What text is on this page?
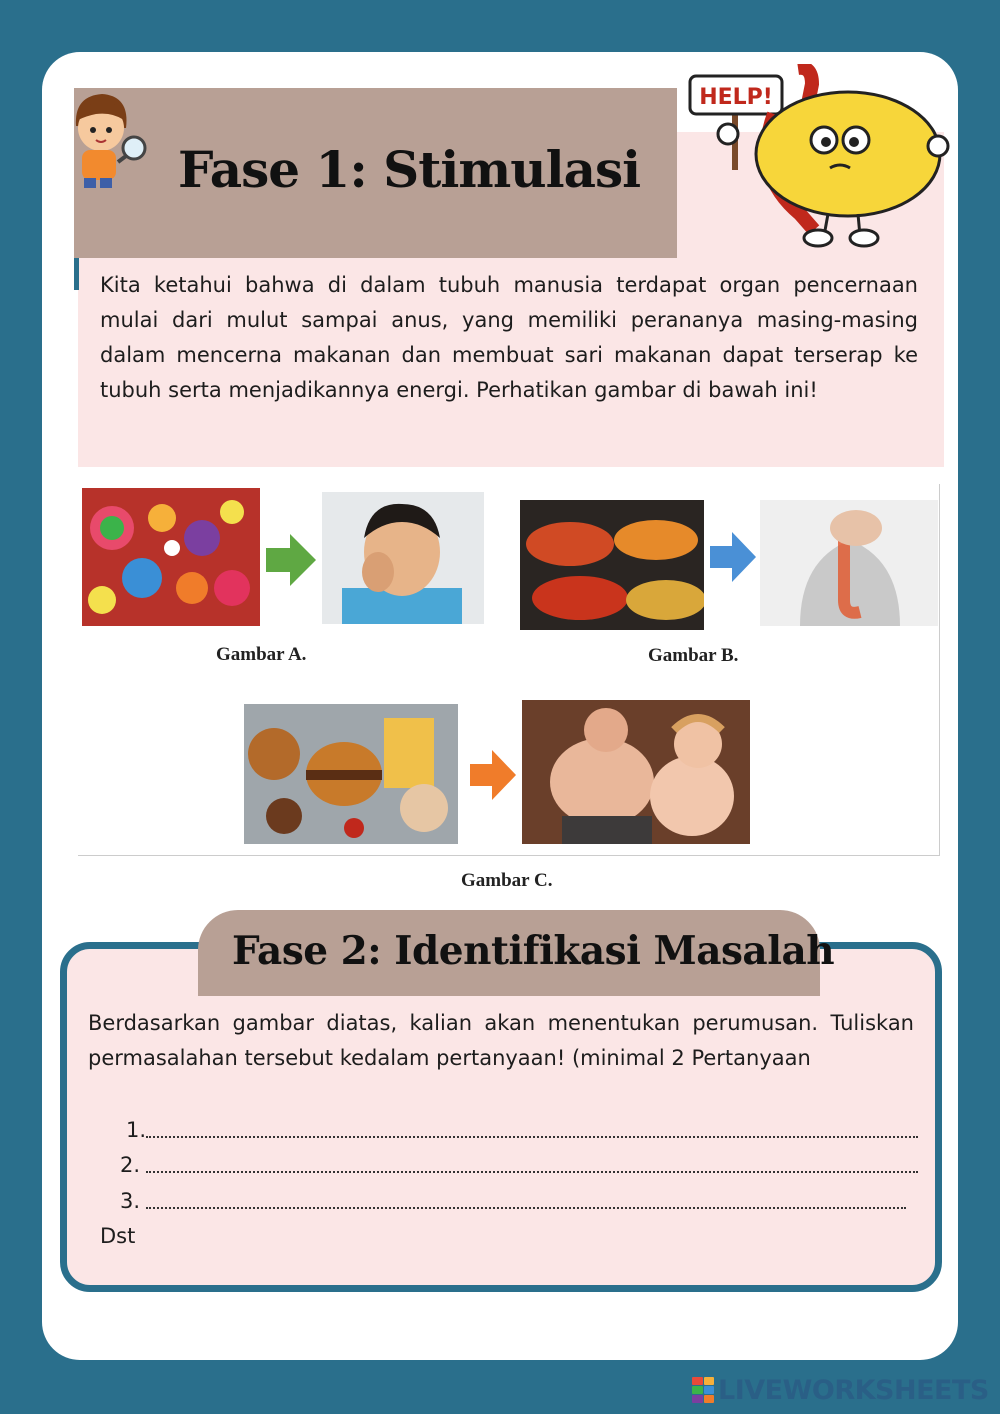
Fase 1: Stimulasi
Kita ketahui bahwa di dalam tubuh manusia terdapat organ pencernaan mulai dari mulut sampai anus, yang memiliki perananya masing-masing dalam mencerna makanan dan membuat sari makanan dapat terserap ke tubuh serta menjadikannya energi. Perhatikan gambar di bawah ini!
HELP!
Gambar A.	Gambar B.
Gambar C.
Fase 2: Identifikasi Masalah
Berdasarkan gambar diatas, kalian akan menentukan perumusan. Tuliskan permasalahan tersebut kedalam pertanyaan! (minimal 2 Pertanyaan
1.
2.
3.
Dst
LIVEWORKSHEETS
